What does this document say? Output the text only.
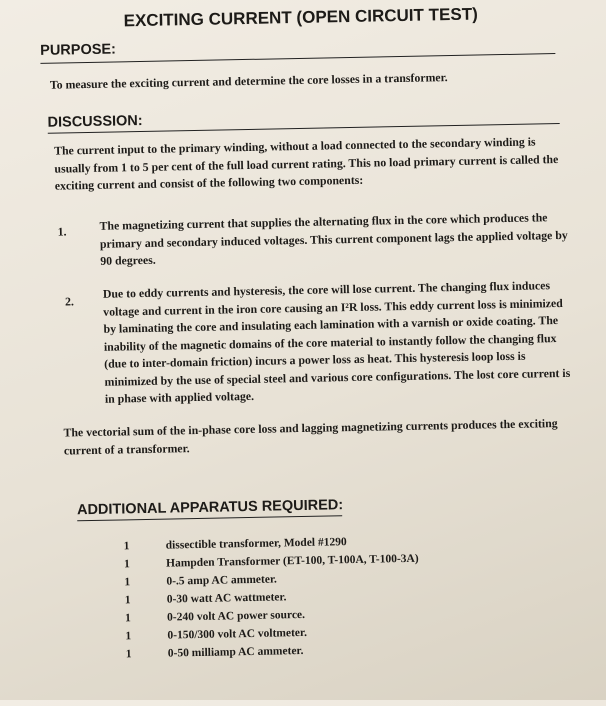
EXCITING CURRENT (OPEN CIRCUIT TEST)
PURPOSE:
To measure the exciting current and determine the core losses in a transformer.
DISCUSSION:
The current input to the primary winding, without a load connected to the secondary winding is usually from 1 to 5 per cent of the full load current rating. This no load primary current is called the exciting current and consist of the following two components:
1.	The magnetizing current that supplies the alternating flux in the core which produces the primary and secondary induced voltages. This current component lags the applied voltage by 90 degrees.
2.
Due to eddy currents and hysteresis, the core will lose current. The changing flux induces voltage and current in the iron core causing an I²R loss. This eddy current loss is minimized by laminating the core and insulating each lamination with a varnish or oxide coating. The inability of the magnetic domains of the core material to instantly follow the changing flux (due to inter-domain friction) incurs a power loss as heat. This hysteresis loop loss is minimized by the use of special steel and various core configurations. The lost core current is in phase with applied voltage.
The vectorial sum of the in-phase core loss and lagging magnetizing currents produces the exciting current of a transformer.
ADDITIONAL APPARATUS REQUIRED:
1	dissectible transformer, Model #1290
1	Hampden Transformer (ET-100, T-100A, T-100-3A)
1	0-.5 amp AC ammeter.
1	0-30 watt AC wattmeter.
1	0-240 volt AC power source.
1	0-150/300 volt AC voltmeter.
1	0-50 milliamp AC ammeter.
